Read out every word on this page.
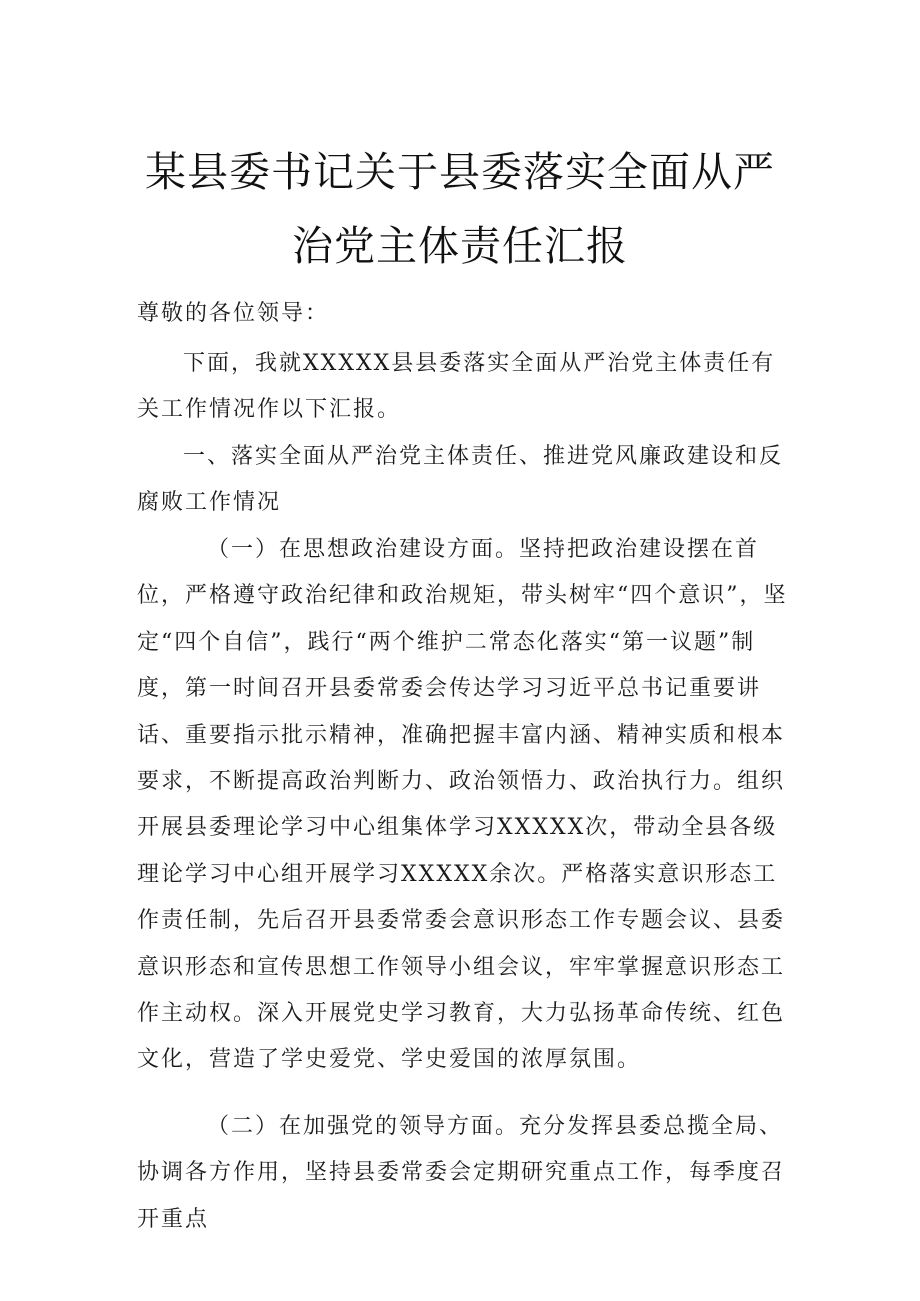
某县委书记关于县委落实全面从严
治党主体责任汇报

尊敬的各位领导：

下面，我就XXXXX县县委落实全面从严治党主体责任有关工作情况作以下汇报。

一、落实全面从严治党主体责任、推进党风廉政建设和反腐败工作情况

（一）在思想政治建设方面。坚持把政治建设摆在首位，严格遵守政治纪律和政治规矩，带头树牢“四个意识”，坚定“四个自信”，践行“两个维护二常态化落实“第一议题”制度，第一时间召开县委常委会传达学习习近平总书记重要讲话、重要指示批示精神，准确把握丰富内涵、精神实质和根本要求，不断提高政治判断力、政治领悟力、政治执行力。组织开展县委理论学习中心组集体学习XXXXX次，带动全县各级理论学习中心组开展学习XXXXX余次。严格落实意识形态工作责任制，先后召开县委常委会意识形态工作专题会议、县委意识形态和宣传思想工作领导小组会议，牢牢掌握意识形态工作主动权。深入开展党史学习教育，大力弘扬革命传统、红色文化，营造了学史爱党、学史爱国的浓厚氛围。

（二）在加强党的领导方面。充分发挥县委总揽全局、协调各方作用，坚持县委常委会定期研究重点工作，每季度召开重点
